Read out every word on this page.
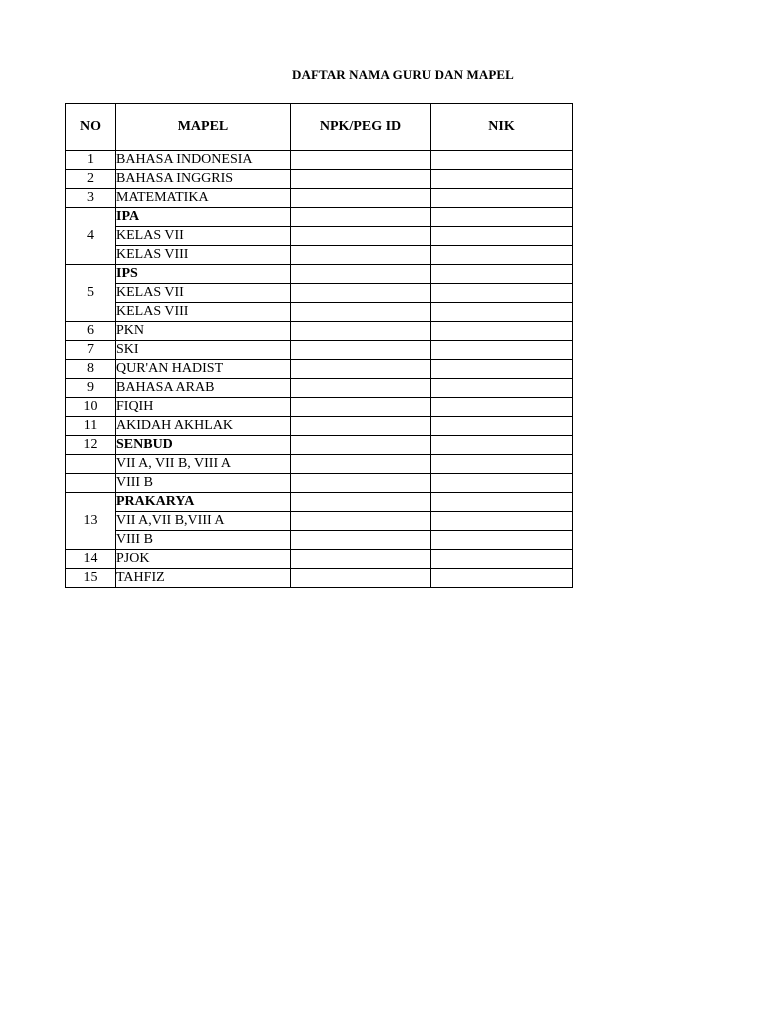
DAFTAR NAMA GURU DAN MAPEL
NO	MAPEL	NPK/PEG ID	NIK
1	BAHASA INDONESIA		
2	BAHASA INGGRIS		
3	MATEMATIKA		
4	IPA		
	KELAS VII		
	KELAS VIII		
5	IPS		
	KELAS VII		
	KELAS VIII		
6	PKN		
7	SKI		
8	QUR'AN HADIST		
9	BAHASA ARAB		
10	FIQIH		
11	AKIDAH AKHLAK		
12	SENBUD		
	VII A, VII B, VIII A		
	VIII B		
13	PRAKARYA		
	VII A,VII B,VIII A		
	VIII B		
14	PJOK		
15	TAHFIZ		
